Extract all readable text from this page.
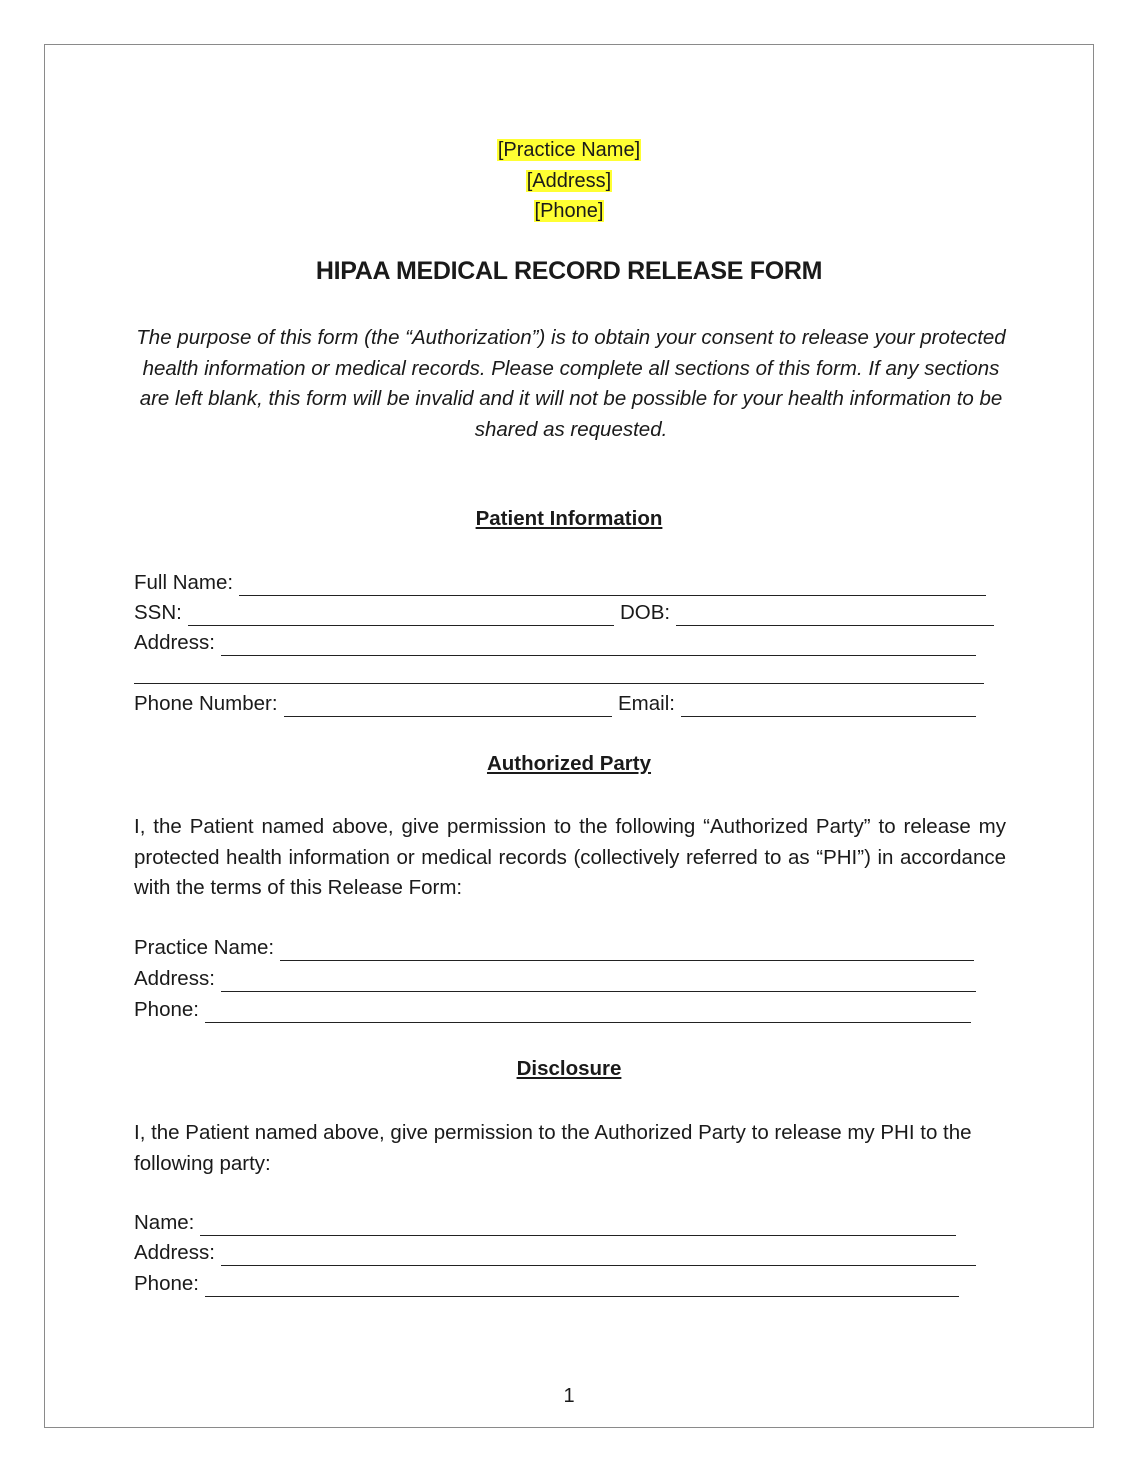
[Practice Name]
[Address]
[Phone]
HIPAA MEDICAL RECORD RELEASE FORM

The purpose of this form (the “Authorization”) is to obtain your consent to release your protected health information or medical records. Please complete all sections of this form. If any sections are left blank, this form will be invalid and it will not be possible for your health information to be shared as requested.

Patient Information
Full Name:
SSN:	DOB:
Address:
Phone Number:	Email:
Authorized Party

I, the Patient named above, give permission to the following “Authorized Party” to release my protected health information or medical records (collectively referred to as “PHI”) in accordance with the terms of this Release Form:

Practice Name:
Address:
Phone:
Disclosure

I, the Patient named above, give permission to the Authorized Party to release my PHI to the following party:

Name:
Address:
Phone:
1
